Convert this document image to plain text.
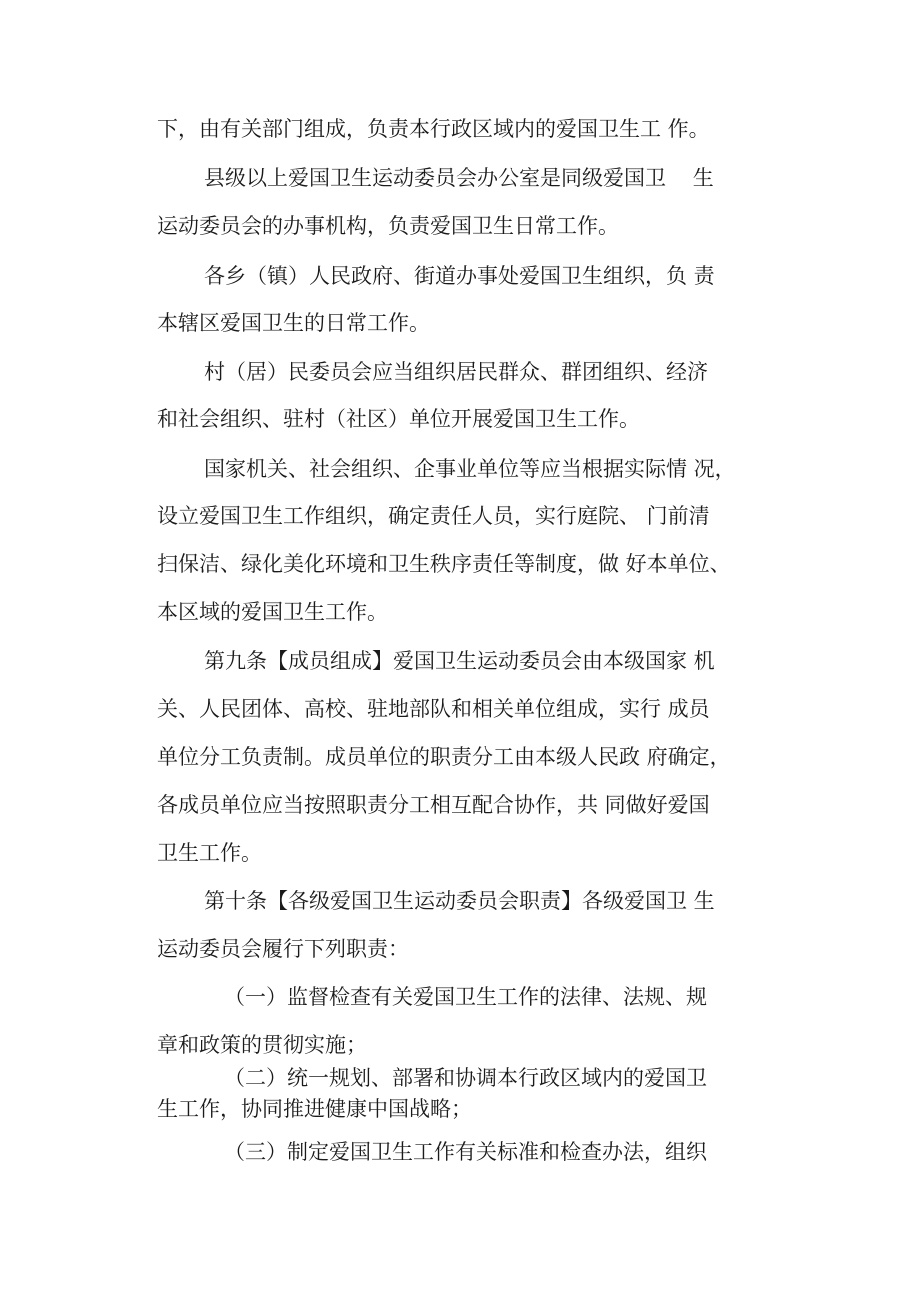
下，由有关部门组成，负责本行政区域内的爱国卫生工 作。
县级以上爱国卫生运动委员会办公室是同级爱国卫    生
运动委员会的办事机构，负责爱国卫生日常工作。
各乡（镇）人民政府、街道办事处爱国卫生组织，负 责
本辖区爱国卫生的日常工作。
村（居）民委员会应当组织居民群众、群团组织、经济
和社会组织、驻村（社区）单位开展爱国卫生工作。
国家机关、社会组织、企事业单位等应当根据实际情 况，
设立爱国卫生工作组织，确定责任人员，实行庭院、 门前清
扫保洁、绿化美化环境和卫生秩序责任等制度，做 好本单位、
本区域的爱国卫生工作。
第九条【成员组成】爱国卫生运动委员会由本级国家 机
关、人民团体、高校、驻地部队和相关单位组成，实行 成员
单位分工负责制。成员单位的职责分工由本级人民政 府确定，
各成员单位应当按照职责分工相互配合协作，共 同做好爱国
卫生工作。
第十条【各级爱国卫生运动委员会职责】各级爱国卫 生
运动委员会履行下列职责：
（一）监督检查有关爱国卫生工作的法律、法规、规
章和政策的贯彻实施；
（二）统一规划、部署和协调本行政区域内的爱国卫
生工作，协同推进健康中国战略；
（三）制定爱国卫生工作有关标准和检查办法，组织
